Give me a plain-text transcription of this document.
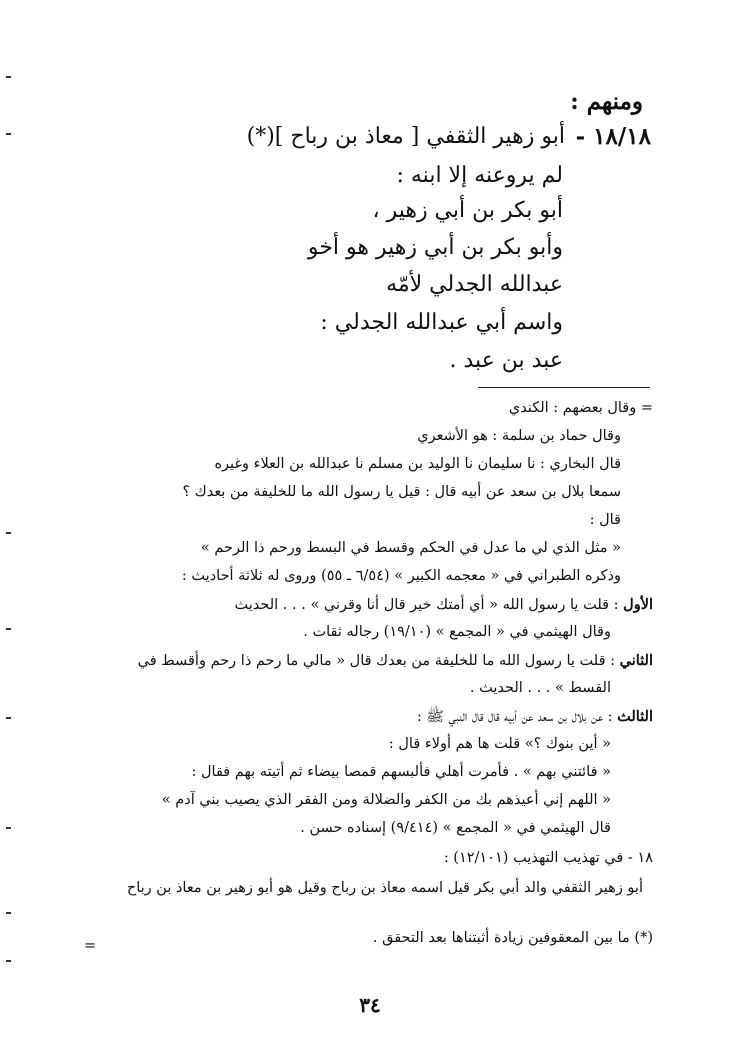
ومنهم :
١٨/١٨ -
أبو زهير الثقفي [ معاذ بن رباح ](*)
لم يروعنه إلا ابنه :
أبو بكر بن أبي زهير ،
وأبو بكر بن أبي زهير هو أخو
عبدالله الجدلي لأمّه
واسم أبي عبدالله الجدلي :
عبد بن عبد .
= وقال بعضهم : الكندي
وقال حماد بن سلمة : هو الأشعري
قال البخاري : نا سليمان نا الوليد بن مسلم نا عبدالله بن العلاء وغيره
سمعا بلال بن سعد عن أبيه قال : قيل يا رسول الله ما للخليفة من بعدك ؟
قال :
« مثل الذي لي ما عدل في الحكم وقسط في البسط ورحم ذا الرحم »
وذكره الطبراني في « معجمه الكبير » (٦/٥٤ ـ ٥٥) وروى له ثلاثة أحاديث :
الأول : قلت يا رسول الله « أي أمتك خير قال أنا وقرني » . . . الحديث
وقال الهيثمي في « المجمع » (١٩/١٠) رجاله ثقات .
الثاني : قلت يا رسول الله ما للخليفة من بعدك قال « مالي ما رحم ذا رحم وأقسط في
القسط » . . . الحديث .
الثالث : عن بلال بن سعد عن أبيه قال قال النبي ﷺ :
« أين بنوك ؟» قلت ها هم أولاء قال :
« فائتني بهم » . فأمرت أهلي فألبسهم قمصا بيضاء ثم أتيته بهم فقال :
« اللهم إني أعيذهم بك من الكفر والضلالة ومن الفقر الذي يصيب بني آدم »
قال الهيثمي في « المجمع » (٩/٤١٤) إسناده حسن .
١٨ - في تهذيب التهذيب (١٢/١٠١) :
أبو زهير الثقفي والد أبي بكر قيل اسمه معاذ بن رباح وقيل هو أبو زهير بن معاذ بن رباح
(*) ما بين المعقوفين زيادة أثبتناها بعد التحقق .
=
٣٤
